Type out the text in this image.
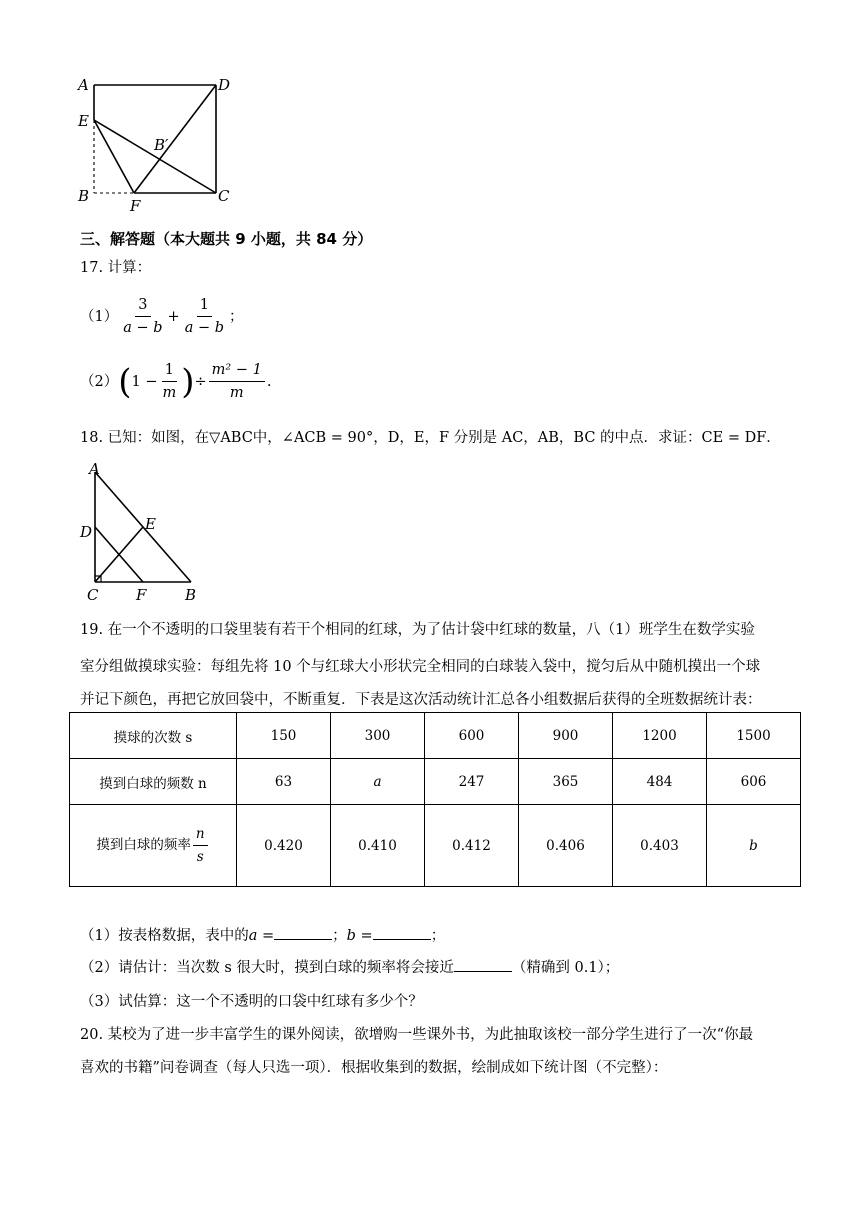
A	D
E
B′
B	C
F
三、解答题（本大题共 9 小题，共 84 分）
17. 计算：
$(1) \frac{3}{a - b} + \frac{1}{a - b}$ ；
（2） ( $1 - \frac{1}{m}$ ) ÷ $\frac{\text{m² − 1}}{m}$ .
18. 已知：如图，在▽ABC中，∠ACB = 90°，D，E，F 分别是 AC，AB，BC 的中点．求证：CE = DF．
A
D	E
C	F	B
19. 在一个不透明的口袋里装有若干个相同的红球，为了估计袋中红球的数量，八（1）班学生在数学实验
室分组做摸球实验：每组先将 10 个与红球大小形状完全相同的白球装入袋中，搅匀后从中随机摸出一个球
并记下颜色，再把它放回袋中，不断重复．下表是这次活动统计汇总各小组数据后获得的全班数据统计表：
摸球的次数 s	150	300	600	900	1200	1500
摸到白球的频数 n	63	a	247	365	484	606
摸到白球的频率 $\frac{n}{s}$	0.420	0.410	0.412	0.406	0.403	b
（1）按表格数据，表中的a =	；b =	；
（2）请估计：当次数 s 很大时，摸到白球的频率将会接近	（精确到 0.1）；
（3）试估算：这一个不透明的口袋中红球有多少个？
20. 某校为了进一步丰富学生的课外阅读，欲增购一些课外书，为此抽取该校一部分学生进行了一次“你最
喜欢的书籍”问卷调查（每人只选一项）．根据收集到的数据，绘制成如下统计图（不完整）：
